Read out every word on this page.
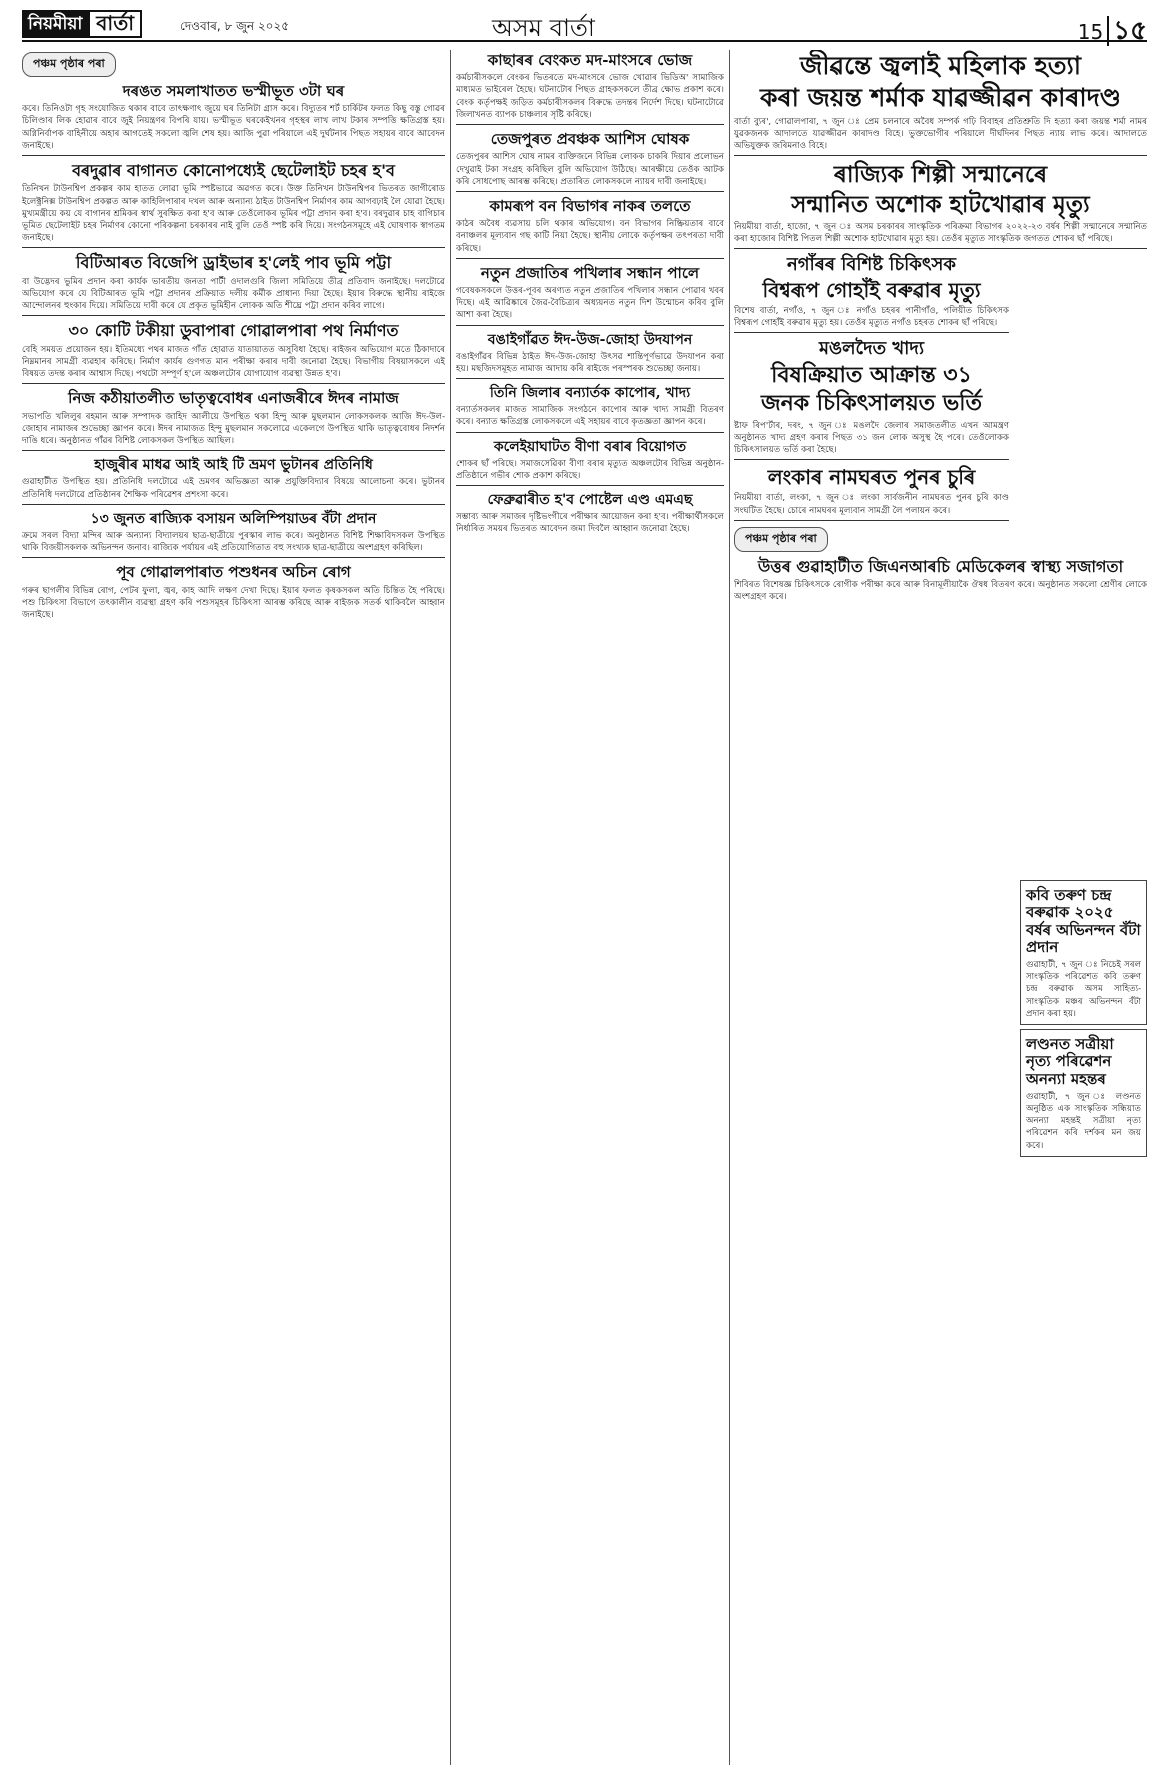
নিয়মীয়া বাৰ্তা	দেওবাৰ, ৮ জুন ২০২৫	অসম বাৰ্তা	15 ১৫
পঞ্চম পৃষ্ঠাৰ পৰা
দৰঙত সমলাখাতত ভস্মীভূত ৩টা ঘৰ
কৰে। তিনিওটা গৃহ সংযোজিত থকাৰ বাবে তাৎক্ষণাৎ জুয়ে ঘৰ তিনিটা গ্ৰাস কৰে। বিদ্যুতৰ শৰ্ট চাৰ্কিটৰ ফলত কিছু বস্তু গোৱৰ চিলিণ্ডাৰ লিক হোৱাৰ বাবে জুই নিয়ন্ত্ৰণৰ বিপৰি যায়। ভস্মীভূত ঘৰকেইখনৰ গৃহস্থৰ লাখ লাখ টকাৰ সম্পত্তি ক্ষতিগ্ৰস্ত হয়। অগ্নিনিৰ্বাপক বাহিনীয়ে অহাৰ আগতেই সকলো জ্বলি শেষ হয়। আজি পুৱা পৰিয়ালে এই দুৰ্ঘটনাৰ পিছত সহায়ৰ বাবে আবেদন জনাইছে।
বৰদুৱাৰ বাগানত কোনোপধ্যেই ছেটেলাইট চহৰ হ'ব
তিনিখন টাউনশ্বিপ প্ৰকল্পৰ কাম হাতত লোৱা ভূমি স্পষ্টভাৱে অৱগত কৰে। উক্ত তিনিখন টাউনশ্বিপৰ ভিতৰত জাগীৰোড ইলেক্ট্ৰনিক্স টাউনশ্বিপ প্ৰকল্পত আৰু কাহিলিপাৰাৰ দখল আৰু অন্যান্য ঠাইত টাউনশ্বিপ নিৰ্মাণৰ কাম আগবঢ়াই লৈ যোৱা হৈছে। মুখ্যমন্ত্ৰীয়ে কয় যে বাগানৰ শ্ৰমিকৰ স্বাৰ্থ সুৰক্ষিত কৰা হ'ব আৰু তেওঁলোকৰ ভূমিৰ পট্টা প্ৰদান কৰা হ'ব। বৰদুৱাৰ চাহ বাগিচাৰ ভূমিত ছেটেলাইট চহৰ নিৰ্মাণৰ কোনো পৰিকল্পনা চৰকাৰৰ নাই বুলি তেওঁ স্পষ্ট কৰি দিয়ে। সংগঠনসমূহে এই ঘোষণাক স্বাগতম জনাইছে।
বিটিআৰত বিজেপি ড্ৰাইভাৰ হ'লেই পাব ভূমি পট্টা
বা উদ্ভেদৰ ভুমিৰ প্ৰদান কৰা কাৰ্যক ভাৰতীয় জনতা পাৰ্টী ওদালগুৰি জিলা সমিতিয়ে তীব্ৰ প্ৰতিবাদ জনাইছে। দলটোৱে অভিযোগ কৰে যে বিটিআৰত ভূমি পট্টা প্ৰদানৰ প্ৰক্ৰিয়াত দলীয় কৰ্মীক প্ৰাধান্য দিয়া হৈছে। ইয়াৰ বিৰুদ্ধে স্থানীয় ৰাইজে আন্দোলনৰ হুংকাৰ দিয়ে। সমিতিয়ে দাবী কৰে যে প্ৰকৃত ভূমিহীন লোকক অতি শীঘ্ৰে পট্টা প্ৰদান কৰিব লাগে।
৩০ কোটি টকীয়া ডুবাপাৰা গোৱালপাৰা পথ নিৰ্মাণত
বেহি সময়ত প্ৰয়োজন হয়। ইতিমধ্যে পথৰ মাজত গাঁত হোৱাত যাতায়াতত অসুবিধা হৈছে। ৰাইজৰ অভিযোগ মতে ঠিকাদাৰে নিম্নমানৰ সামগ্ৰী ব্যৱহাৰ কৰিছে। নিৰ্মাণ কাৰ্যৰ গুণগত মান পৰীক্ষা কৰাৰ দাবী জনোৱা হৈছে। বিভাগীয় বিষয়াসকলে এই বিষয়ত তদন্ত কৰাৰ আশ্বাস দিছে। পথটো সম্পূৰ্ণ হ'লে অঞ্চলটোৰ যোগাযোগ ব্যৱস্থা উন্নত হ'ব।
নিজ কঠীয়াতলীত ভাতৃত্ববোধৰ এনাজৰীৰে ঈদৰ নামাজ
সভাপতি খলিলুৰ ৰহমান আৰু সম্পাদক জাহিদ আলীয়ে উপস্থিত থকা হিন্দু আৰু মুছলমান লোকসকলক আজি ঈদ-উল-জোহাৰ নামাজৰ শুভেচ্ছা জ্ঞাপন কৰে। ঈদৰ নামাজত হিন্দু মুছলমান সকলোৱে একেলগে উপস্থিত থাকি ভাতৃত্ববোধৰ নিদৰ্শন দাঙি ধৰে। অনুষ্ঠানত গাঁৱৰ বিশিষ্ট লোকসকল উপস্থিত আছিল।
হাজুৰীৰ মাধৱ আই আই টি ভ্ৰমণ ভুটানৰ প্ৰতিনিধি
গুৱাহাটীত উপস্থিত হয়। প্ৰতিনিধি দলটোৱে এই ভ্ৰমণৰ অভিজ্ঞতা আৰু প্ৰযুক্তিবিদ্যাৰ বিষয়ে আলোচনা কৰে। ভুটানৰ প্ৰতিনিধি দলটোৱে প্ৰতিষ্ঠানৰ শৈক্ষিক পৰিৱেশৰ প্ৰশংসা কৰে।
১৩ জুনত ৰাজ্যিক বসায়ন অলিম্পিয়াডৰ বঁটা প্ৰদান
ক্ৰমে সৰল বিদ্যা মন্দিৰ আৰু অন্যান্য বিদ্যালয়ৰ ছাত্ৰ-ছাত্ৰীয়ে পুৰস্কাৰ লাভ কৰে। অনুষ্ঠানত বিশিষ্ট শিক্ষাবিদসকল উপস্থিত থাকি বিজয়ীসকলক অভিনন্দন জনাব। ৰাজ্যিক পৰ্যায়ৰ এই প্ৰতিযোগিতাত বহু সংখ্যক ছাত্ৰ-ছাত্ৰীয়ে অংশগ্ৰহণ কৰিছিল।
পূব গোৱালপাৰাত পশুধনৰ অচিন ৰোগ
গৰুৰ ছাগলীৰ বিভিন্ন ৰোগ, পেটৰ ফুলা, জ্বৰ, কাহ আদি লক্ষণ দেখা দিছে। ইয়াৰ ফলত কৃষকসকল অতি চিন্তিত হৈ পৰিছে। পশু চিকিৎসা বিভাগে তৎকালীন ব্যৱস্থা গ্ৰহণ কৰি পশুসমূহৰ চিকিৎসা আৰম্ভ কৰিছে আৰু ৰাইজক সতৰ্ক থাকিবলৈ আহ্বান জনাইছে।
কাছাৰৰ বেংকত মদ-মাংসৰে ভোজ
কৰ্মচাৰীসকলে বেংকৰ ভিতৰতে মদ-মাংসৰে ভোজ খোৱাৰ ভিডিঅ' সামাজিক মাধ্যমত ভাইৰেল হৈছে। ঘটনাটোৰ পিছত গ্ৰাহকসকলে তীব্ৰ ক্ষোভ প্ৰকাশ কৰে। বেংক কৰ্তৃপক্ষই জড়িত কৰ্মচাৰীসকলৰ বিৰুদ্ধে তদন্তৰ নিৰ্দেশ দিছে। ঘটনাটোৱে জিলাখনত ব্যাপক চাঞ্চল্যৰ সৃষ্টি কৰিছে।
তেজপুৰত প্ৰবঞ্চক আশিস ঘোষক
তেজপুৰৰ আশিস ঘোষ নামৰ ব্যক্তিজনে বিভিন্ন লোকক চাকৰি দিয়াৰ প্ৰলোভন দেখুৱাই টকা সংগ্ৰহ কৰিছিল বুলি অভিযোগ উঠিছে। আৰক্ষীয়ে তেওঁক আটক কৰি সোধপোছ আৰম্ভ কৰিছে। প্ৰতাৰিত লোকসকলে ন্যায়ৰ দাবী জনাইছে।
কামৰূপ বন বিভাগৰ নাকৰ তলতে
কাঠৰ অবৈধ ব্যৱসায় চলি থকাৰ অভিযোগ। বন বিভাগৰ নিষ্ক্ৰিয়তাৰ বাবে বনাঞ্চলৰ মূল্যবান গছ কাটি নিয়া হৈছে। স্থানীয় লোকে কৰ্তৃপক্ষৰ তৎপৰতা দাবী কৰিছে।
নতুন প্ৰজাতিৰ পখিলাৰ সন্ধান পালে
গবেষকসকলে উত্তৰ-পূবৰ অৰণ্যত নতুন প্ৰজাতিৰ পখিলাৰ সন্ধান পোৱাৰ খবৰ দিছে। এই আৱিষ্কাৰে জৈৱ-বৈচিত্ৰ্যৰ অধ্যয়নত নতুন দিশ উন্মোচন কৰিব বুলি আশা কৰা হৈছে।
বঙাইগাঁৱত ঈদ-উজ-জোহা উদযাপন
বঙাইগাঁৱৰ বিভিন্ন ঠাইত ঈদ-উজ-জোহা উৎসৱ শান্তিপূৰ্ণভাৱে উদযাপন কৰা হয়। মছজিদসমূহত নামাজ আদায় কৰি ৰাইজে পৰস্পৰক শুভেচ্ছা জনায়।
তিনি জিলাৰ বন্যাৰ্তক কাপোৰ, খাদ্য
বন্যাৰ্তসকলৰ মাজত সামাজিক সংগঠনে কাপোৰ আৰু খাদ্য সামগ্ৰী বিতৰণ কৰে। বন্যাত ক্ষতিগ্ৰস্ত লোকসকলে এই সহায়ৰ বাবে কৃতজ্ঞতা জ্ঞাপন কৰে।
কলেইয়াঘাটত বীণা বৰাৰ বিয়োগত
শোকৰ ছাঁ পৰিছে। সমাজসেৱিকা বীণা বৰাৰ মৃত্যুত অঞ্চলটোৰ বিভিন্ন অনুষ্ঠান-প্ৰতিষ্ঠানে গভীৰ শোক প্ৰকাশ কৰিছে।
ফেব্ৰুৱাৰীত হ'ব পোষ্টেল এণ্ড এমএছ
সম্ভাব্য আৰু সমাজৰ দৃষ্টিভংগীৰে পৰীক্ষাৰ আয়োজন কৰা হ'ব। পৰীক্ষাৰ্থীসকলে নিৰ্ধাৰিত সময়ৰ ভিতৰত আবেদন জমা দিবলৈ আহ্বান জনোৱা হৈছে।
জীৱন্তে জ্বলাই মহিলাক হত্যা
কৰা জয়ন্ত শৰ্মাক যাৱজ্জীৱন কাৰাদণ্ড
বাৰ্তা ব্যুৰ', গোৱালপাৰা, ৭ জুন ঃ প্ৰেম চলনাৰে অবৈধ সম্পৰ্ক গঢ়ি বিবাহৰ প্ৰতিশ্ৰুতি দি হত্যা কৰা জয়ন্ত শৰ্মা নামৰ যুৱকজনক আদালতে যাৱজ্জীৱন কাৰাদণ্ড বিহে। ভুক্তভোগীৰ পৰিয়ালে দীৰ্ঘদিনৰ পিছত ন্যায় লাভ কৰে। আদালতে অভিযুক্তক জৰিমনাও বিহে।
ৰাজ্যিক শিল্পী সন্মানেৰে
সন্মানিত অশোক হাটখোৱাৰ মৃত্যু
নিয়মীয়া বাৰ্তা, হাজো, ৭ জুন ঃ অসম চৰকাৰৰ সাংস্কৃতিক পৰিক্ৰমা বিভাগৰ ২০২২-২৩ বৰ্ষৰ শিল্পী সন্মানেৰে সন্মানিত কৰা হাজোৰ বিশিষ্ট পিতল শিল্পী অশোক হাটখোৱাৰ মৃত্যু হয়। তেওঁৰ মৃত্যুত সাংস্কৃতিক জগতত শোকৰ ছাঁ পৰিছে।
নগাঁৰৰ বিশিষ্ট চিকিৎসক
বিশ্বৰূপ গোহাঁই বৰুৱাৰ মৃত্যু
বিশেষ বাৰ্তা, নগাঁও, ৭ জুন ঃ নগাঁও চহৰৰ পানীগাঁও, পলিয়ীত চিকিৎসক বিশ্বৰূপ গোহাঁই বৰুৱাৰ মৃত্যু হয়। তেওঁৰ মৃত্যুত নগাঁও চহৰত শোকৰ ছাঁ পৰিছে।
মঙলদৈত খাদ্য
বিষক্ৰিয়াত আক্ৰান্ত ৩১
জনক চিকিৎসালয়ত ভৰ্তি
ষ্টাফ ৰিপ'ৰ্টাৰ, দৰং, ৭ জুন ঃ মঙলদৈ জেলাৰ সমাজতলীত এখন আমন্ত্ৰণ অনুষ্ঠানত খাদ্য গ্ৰহণ কৰাৰ পিছত ৩১ জন লোক অসুস্থ হৈ পৰে। তেওঁলোকক চিকিৎসালয়ত ভৰ্তি কৰা হৈছে।
লংকাৰ নামঘৰত পুনৰ চুৰি
নিয়মীয়া বাৰ্তা, লংকা, ৭ জুন ঃ লংকা সাৰ্বজনীন নামঘৰত পুনৰ চুৰি কাণ্ড সংঘটিত হৈছে। চোৰে নামঘৰৰ মূল্যবান সামগ্ৰী লৈ পলায়ন কৰে।
পঞ্চম পৃষ্ঠাৰ পৰা
উত্তৰ গুৱাহাটীত জিএনআৰচি মেডিকেলৰ স্বাস্থ্য সজাগতা
শিবিৰত বিশেষজ্ঞ চিকিৎসকে ৰোগীক পৰীক্ষা কৰে আৰু বিনামূলীয়াকৈ ঔষধ বিতৰণ কৰে। অনুষ্ঠানত সকলো শ্ৰেণীৰ লোকে অংশগ্ৰহণ কৰে।
কবি তৰুণ চন্দ্ৰ বৰুৱাক ২০২৫ বৰ্ষৰ অভিনন্দন বঁটা প্ৰদান
গুৱাহাটী, ৭ জুন ঃ নিচেই সৰল সাংস্কৃতিক পৰিৱেশত কবি তৰুণ চন্দ্ৰ বৰুৱাক অসম সাহিত্য-সাংস্কৃতিক মঞ্চৰ অভিনন্দন বঁটা প্ৰদান কৰা হয়।
লণ্ডনত সত্ৰীয়া নৃত্য পৰিৱেশন অনন্যা মহন্তৰ
গুৱাহাটী, ৭ জুন ঃ লণ্ডনত অনুষ্ঠিত এক সাংস্কৃতিক সন্ধিয়াত অনন্যা মহন্তই সত্ৰীয়া নৃত্য পৰিৱেশন কৰি দৰ্শকৰ মন জয় কৰে।
